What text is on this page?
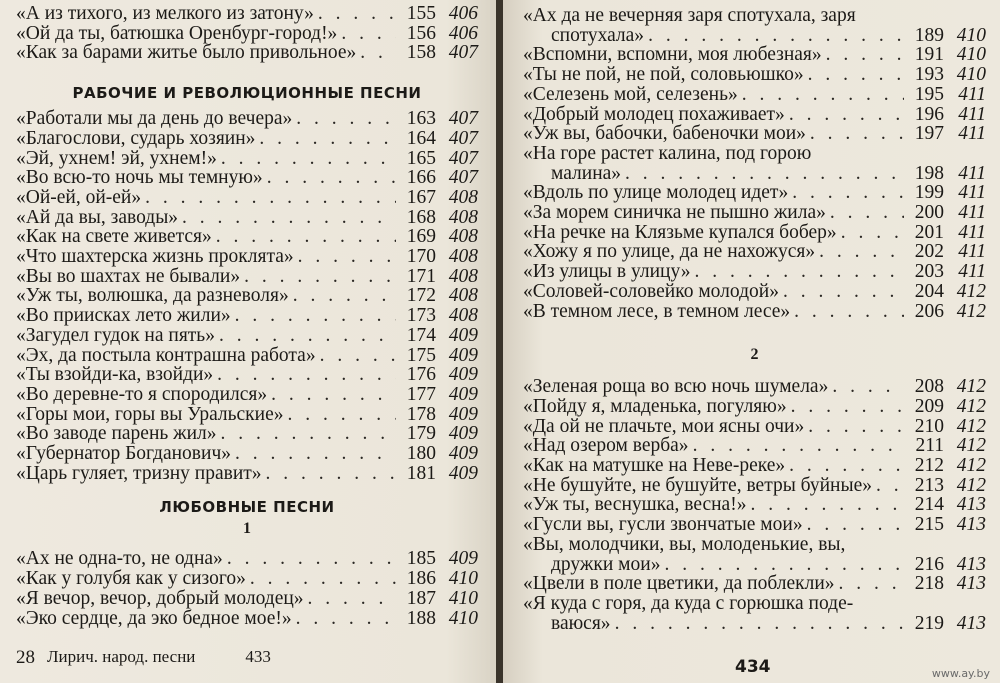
«А из тихого, из мелкого из затону» . . .	155 406
«Ой да ты, батюшка Оренбург-город!» . . .	156 406
«Как за барами житье было привольное» . . .	158 407
РАБОЧИЕ И РЕВОЛЮЦИОННЫЕ ПЕСНИ
«Работали мы да день до вечера» . . .	163 407
«Благослови, сударь хозяин» . . .	164 407
«Эй, ухнем! эй, ухнем!» . . .	165 407
«Во всю-то ночь мы темную» . . .	166 407
«Ой-ей, ой-ей» . . .	167 408
«Ай да вы, заводы» . . .	168 408
«Как на свете живется» . . .	169 408
«Что шахтерска жизнь проклята» . . .	170 408
«Вы во шахтах не бывали» . . .	171 408
«Уж ты, волюшка, да разневоля» . . .	172 408
«Во приисках лето жили» . . .	173 408
«Загудел гудок на пять» . . .	174 409
«Эх, да постыла контрашна работа» . . .	175 409
«Ты взойди-ка, взойди» . . .	176 409
«Во деревне-то я спородился» . . .	177 409
«Горы мои, горы вы Уральские» . . .	178 409
«Во заводе парень жил» . . .	179 409
«Губернатор Богданович» . . .	180 409
«Царь гуляет, тризну правит» . . .	181 409
ЛЮБОВНЫЕ ПЕСНИ
1
«Ах не одна-то, не одна» . . .	185 409
«Как у голубя как у сизого» . . .	186 410
«Я вечор, вечор, добрый молодец» . . .	187 410
«Эко сердце, да эко бедное мое!» . . .	188 410
«Ах да не вечерняя заря спотухала, заря
спотухала» . . .	189 410
«Вспомни, вспомни, моя любезная» . . .	191 410
«Ты не пой, не пой, соловьюшко» . . .	193 410
«Селезень мой, селезень» . . .	195 411
«Добрый молодец похаживает» . . .	196 411
«Уж вы, бабочки, бабеночки мои» . . .	197 411
«На горе растет калина, под горою
малина» . . .	198 411
«Вдоль по улице молодец идет» . . .	199 411
«За морем синичка не пышно жила» . . .	200 411
«На речке на Клязьме купался бобер» . . .	201 411
«Хожу я по улице, да не нахожуся» . . .	202 411
«Из улицы в улицу» . . .	203 411
«Соловей-соловейко молодой» . . .	204 412
«В темном лесе, в темном лесе» . . .	206 412
2
«Зеленая роща во всю ночь шумела» . . .	208 412
«Пойду я, младенька, погуляю» . . .	209 412
«Да ой не плачьте, мои ясны очи» . . .	210 412
«Над озером верба» . . .	211 412
«Как на матушке на Неве-реке» . . .	212 412
«Не бушуйте, не бушуйте, ветры буйные» . . .	213 412
«Уж ты, веснушка, весна!» . . .	214 413
«Гусли вы, гусли звончатые мои» . . .	215 413
«Вы, молодчики, вы, молоденькие, вы,
дружки мои» . . .	216 413
«Цвели в поле цветики, да поблекли» . . .	218 413
«Я куда с горя, да куда с горюшка поде-
ваюся» . . .	219 413
28 Лирич. народ. песни	433
434	www.ay.by
